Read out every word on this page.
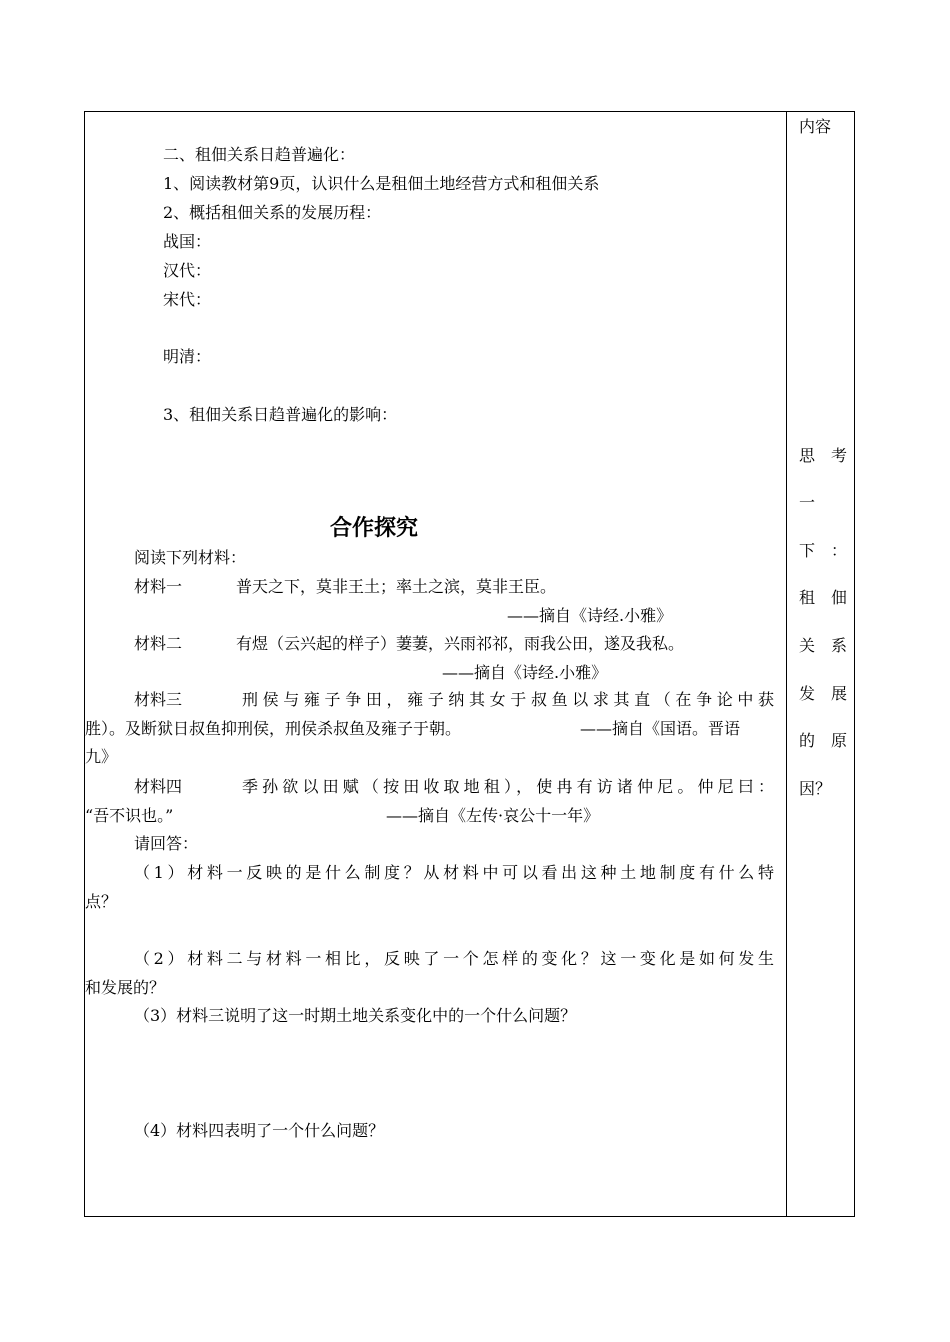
二、租佃关系日趋普遍化：
1、阅读教材第9页，认识什么是租佃土地经营方式和租佃关系
2、概括租佃关系的发展历程：
战国：
汉代：
宋代：
明清：
3、租佃关系日趋普遍化的影响：
合作探究
阅读下列材料：
材料一	普天之下，莫非王土；率土之滨，莫非王臣。
——摘自《诗经.小雅》
材料二	有煜（云兴起的样子）萋萋，兴雨祁祁，雨我公田，遂及我私。
——摘自《诗经.小雅》
材料三	刑侯与雍子争田，雍子纳其女于叔鱼以求其直（在争论中获
胜）。及断狱日叔鱼抑刑侯，刑侯杀叔鱼及雍子于朝。	——摘自《国语。晋语
九》
材料四	季孙欲以田赋（按田收取地租），使冉有访诸仲尼。仲尼曰：
“吾不识也。”	——摘自《左传·哀公十一年》
请回答：
（1）材料一反映的是什么制度？从材料中可以看出这种土地制度有什么特
点？
（2）材料二与材料一相比，反映了一个怎样的变化？这一变化是如何发生
和发展的？
（3）材料三说明了这一时期土地关系变化中的一个什么问题？
（4）材料四表明了一个什么问题？
内容
思 考
一
下 ：
租 佃
关 系
发 展
的 原
因？
